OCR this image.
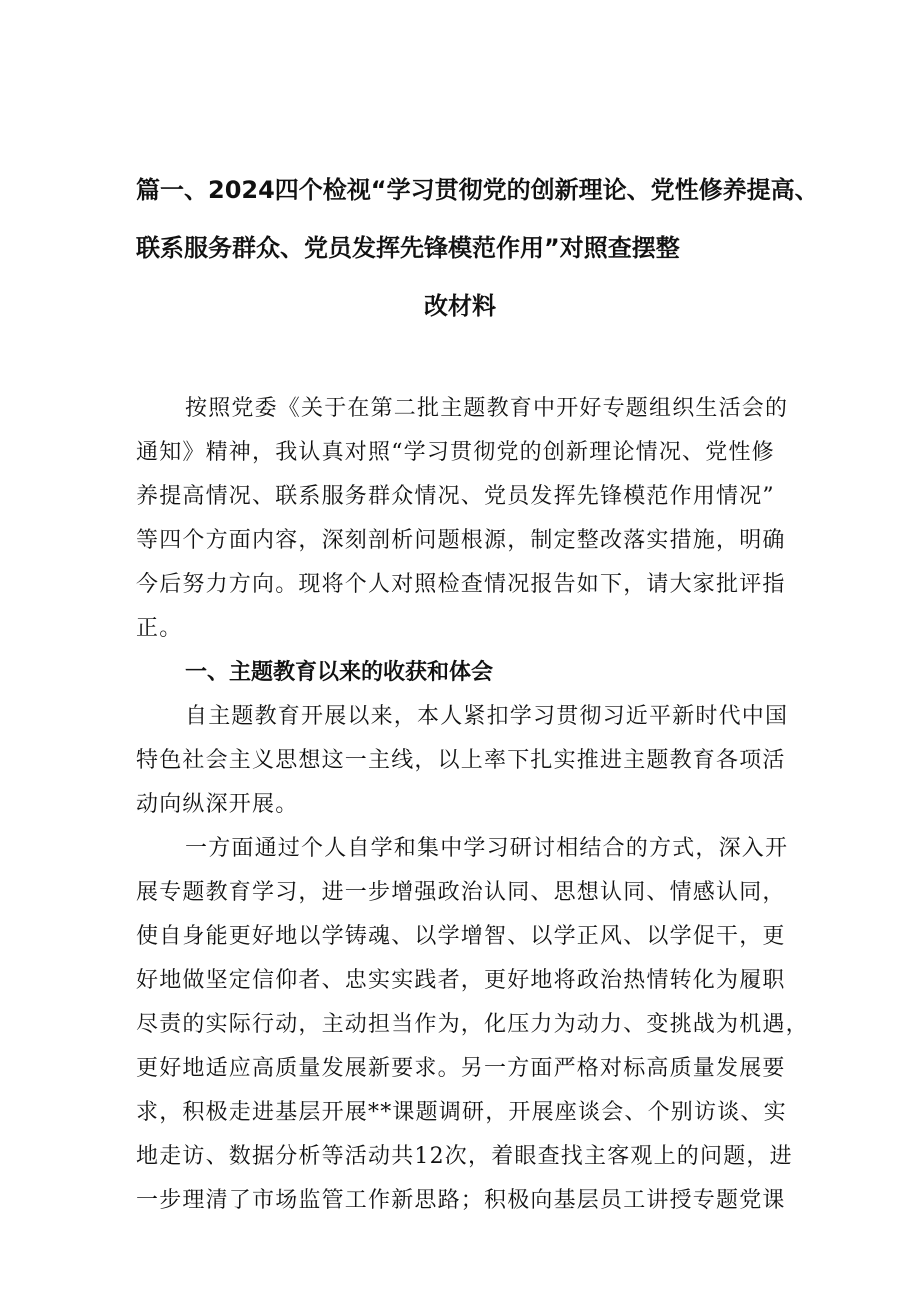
篇一、2024四个检视“学习贯彻党的创新理论、党性修养提高、
联系服务群众、党员发挥先锋模范作用”对照查摆整
改材料
按照党委《关于在第二批主题教育中开好专题组织生活会的
通知》精神，我认真对照“学习贯彻党的创新理论情况、党性修
养提高情况、联系服务群众情况、党员发挥先锋模范作用情况”
等四个方面内容，深刻剖析问题根源，制定整改落实措施，明确
今后努力方向。现将个人对照检查情况报告如下，请大家批评指
正。
一、主题教育以来的收获和体会
自主题教育开展以来，本人紧扣学习贯彻习近平新时代中国
特色社会主义思想这一主线，以上率下扎实推进主题教育各项活
动向纵深开展。
一方面通过个人自学和集中学习研讨相结合的方式，深入开
展专题教育学习，进一步增强政治认同、思想认同、情感认同，
使自身能更好地以学铸魂、以学增智、以学正风、以学促干，更
好地做坚定信仰者、忠实实践者，更好地将政治热情转化为履职
尽责的实际行动，主动担当作为，化压力为动力、变挑战为机遇，
更好地适应高质量发展新要求。另一方面严格对标高质量发展要
求，积极走进基层开展**课题调研，开展座谈会、个别访谈、实
地走访、数据分析等活动共12次，着眼查找主客观上的问题，进
一步理清了市场监管工作新思路；积极向基层员工讲授专题党课
